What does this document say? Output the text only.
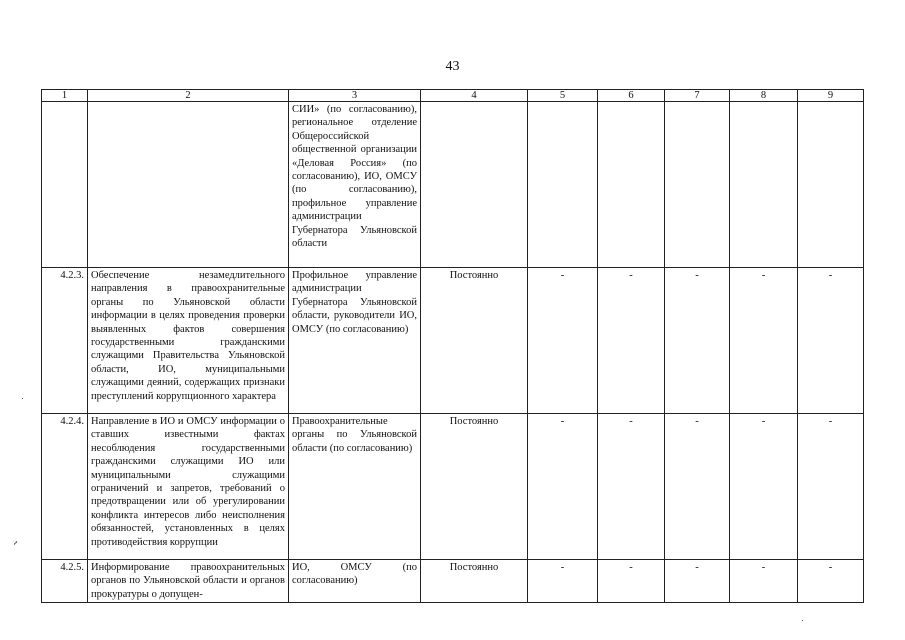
43
1	2	3	4	5	6	7	8	9
		СИИ» (по согласованию), региональное отделение Общероссийской общественной организации «Деловая Россия» (по согласованию), ИО, ОМСУ (по согласованию), профильное управление администрации Губернатора Ульяновской области						
4.2.3.	Обеспечение незамедлительного направления в правоохранительные органы по Ульяновской области информации в целях проведения проверки выявленных фактов совершения государственными гражданскими служащими Правительства Ульяновской области, ИО, муниципальными служащими деяний, содержащих признаки преступлений коррупционного характера	Профильное управление администрации Губернатора Ульяновской области, руководители ИО, ОМСУ (по согласованию)	Постоянно	-	-	-	-	-
4.2.4.	Направление в ИО и ОМСУ информации о ставших известными фактах несоблюдения государственными гражданскими служащими ИО или муниципальными служащими ограничений и запретов, требований о предотвращении или об урегулировании конфликта интересов либо неисполнения обязанностей, установленных в целях противодействия коррупции	Правоохранительные органы по Ульяновской области (по согласованию)	Постоянно	-	-	-	-	-
4.2.5.	Информирование правоохранительных органов по Ульяновской области и органов прокуратуры о допущен-	ИО, ОМСУ (по согласованию)	Постоянно	-	-	-	-	-
՜
